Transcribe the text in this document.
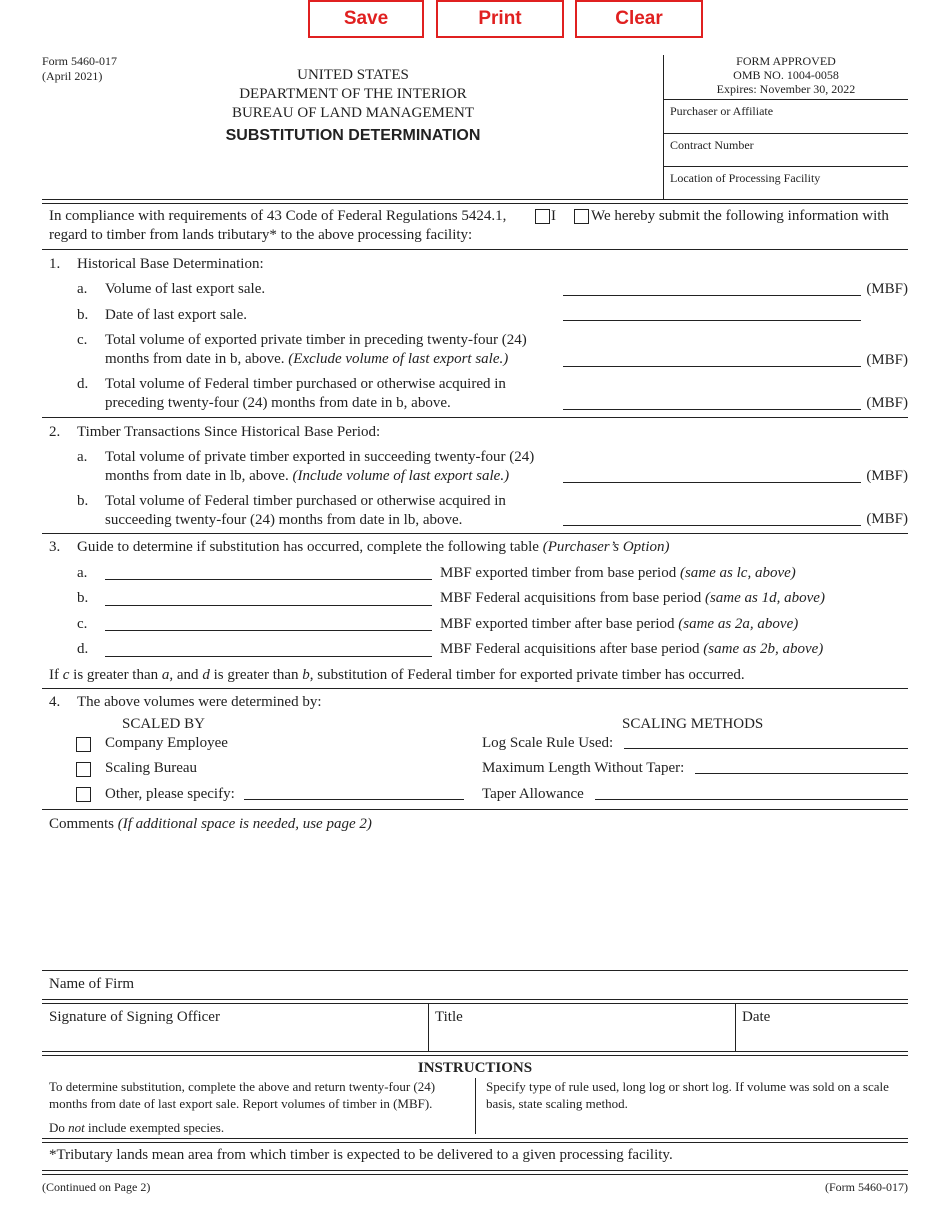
Save	Print	Clear
Form 5460-017
(April 2021)	UNITED STATES
DEPARTMENT OF THE INTERIOR
BUREAU OF LAND MANAGEMENT
SUBSTITUTION DETERMINATION
FORM APPROVED
OMB NO. 1004-0058
Expires: November 30, 2022
Purchaser or Affiliate
Contract Number
Location of Processing Facility
In compliance with requirements of 43 Code of Federal Regulations 5424.1,	I We hereby submit the following information with
regard to timber from lands tributary* to the above processing facility:
1. Historical Base Determination:
a. Volume of last export sale.	(MBF)
b. Date of last export sale.
c. Total volume of exported private timber in preceding twenty-four (24)
months from date in b, above. (Exclude volume of last export sale.)	(MBF)
d. Total volume of Federal timber purchased or otherwise acquired in
preceding twenty-four (24) months from date in b, above.	(MBF)
2. Timber Transactions Since Historical Base Period:
a. Total volume of private timber exported in succeeding twenty-four (24)
months from date in lb, above. (Include volume of last export sale.)	(MBF)
b. Total volume of Federal timber purchased or otherwise acquired in
succeeding twenty-four (24) months from date in lb, above.	(MBF)
3. Guide to determine if substitution has occurred, complete the following table (Purchaser’s Option)
a.	MBF exported timber from base period (same as lc, above)
b.	MBF Federal acquisitions from base period (same as 1d, above)
c.	MBF exported timber after base period (same as 2a, above)
d.	MBF Federal acquisitions after base period (same as 2b, above)
If c is greater than a, and d is greater than b, substitution of Federal timber for exported private timber has occurred.
4. The above volumes were determined by:
SCALED BY	SCALING METHODS
Company Employee	Log Scale Rule Used:
Scaling Bureau	Maximum Length Without Taper:
Other, please specify:	Taper Allowance
Comments (If additional space is needed, use page 2)
Name of Firm
Signature of Signing Officer	Title	Date
INSTRUCTIONS
To determine substitution, complete the above and return twenty-four (24) months from date of last export sale. Report volumes of timber in (MBF).
Do not include exempted species.
Specify type of rule used, long log or short log. If volume was sold on a scale basis, state scaling method.
*Tributary lands mean area from which timber is expected to be delivered to a given processing facility.
(Continued on Page 2)	(Form 5460-017)
